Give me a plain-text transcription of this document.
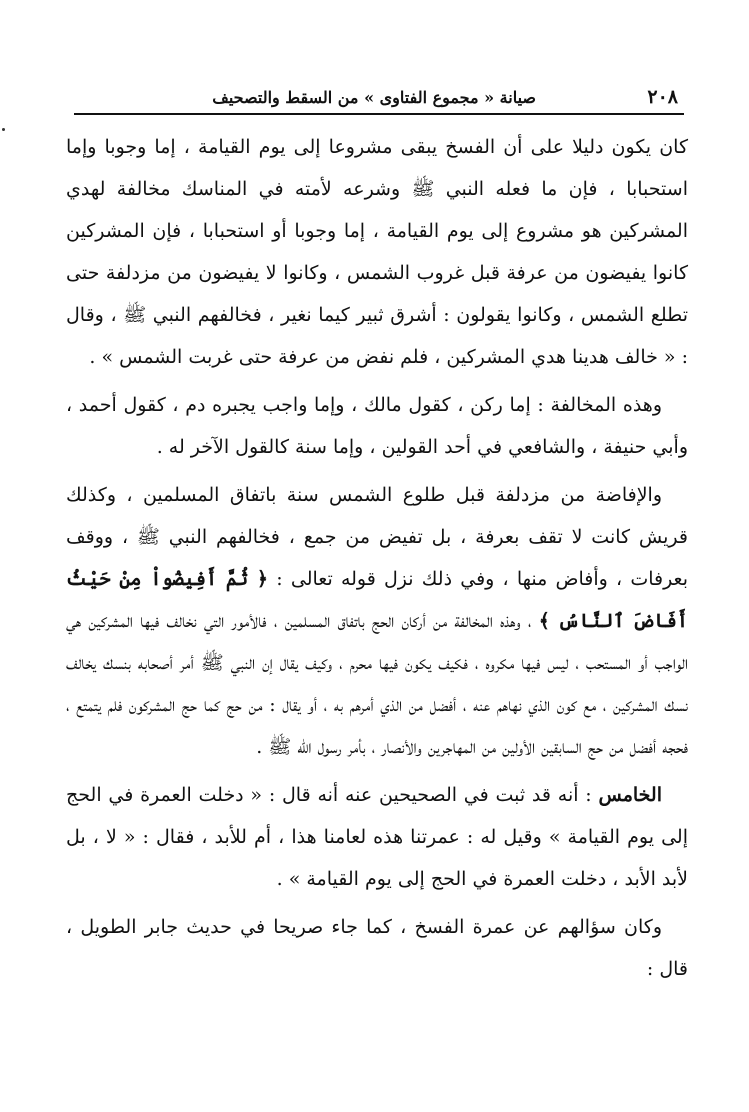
٢٠٨
صيانة « مجموع الفتاوى » من السقط والتصحيف

كان يكون دليلا على أن الفسخ يبقى مشروعا إلى يوم القيامة ، إما وجوبا وإما استحبابا ، فإن ما فعله النبي ﷺ وشرعه لأمته في المناسك مخالفة لهدي المشركين هو مشروع إلى يوم القيامة ، إما وجوبا أو استحبابا ، فإن المشركين كانوا يفيضون من عرفة قبل غروب الشمس ، وكانوا لا يفيضون من مزدلفة حتى تطلع الشمس ، وكانوا يقولون : أشرق ثبير كيما نغير ، فخالفهم النبي ﷺ ، وقال : « خالف هدينا هدي المشركين ، فلم نفض من عرفة حتى غربت الشمس » .

وهذه المخالفة : إما ركن ، كقول مالك ، وإما واجب يجبره دم ، كقول أحمد ، وأبي حنيفة ، والشافعي في أحد القولين ، وإما سنة كالقول الآخر له .

والإفاضة من مزدلفة قبل طلوع الشمس سنة باتفاق المسلمين ، وكذلك قريش كانت لا تقف بعرفة ، بل تفيض من جمع ، فخالفهم النبي ﷺ ، ووقف بعرفات ، وأفاض منها ، وفي ذلك نزل قوله تعالى : ﴿ ثُمَّ أَفِيضُواْ مِنْ حَيْثُ أَفَاضَ ٱلنَّاسُ ﴾ ، وهذه المخالفة من أركان الحج باتفاق المسلمين ، فالأمور التي نخالف فيها المشركين هي الواجب أو المستحب ، ليس فيها مكروه ، فكيف يكون فيها محرم ، وكيف يقال إن النبي ﷺ أمر أصحابه بنسك يخالف نسك المشركين ، مع كون الذي نهاهم عنه ، أفضل من الذي أمرهم به ، أو يقال : من حج كما حج المشركون فلم يتمتع ، فحجه أفضل من حج السابقين الأولين من المهاجرين والأنصار ، بأمر رسول الله ﷺ .

الخامس : أنه قد ثبت في الصحيحين عنه أنه قال : « دخلت العمرة في الحج إلى يوم القيامة » وقيل له : عمرتنا هذه لعامنا هذا ، أم للأبد ، فقال : « لا ، بل لأبد الأبد ، دخلت العمرة في الحج إلى يوم القيامة » .

وكان سؤالهم عن عمرة الفسخ ، كما جاء صريحا في حديث جابر الطويل ، قال :
